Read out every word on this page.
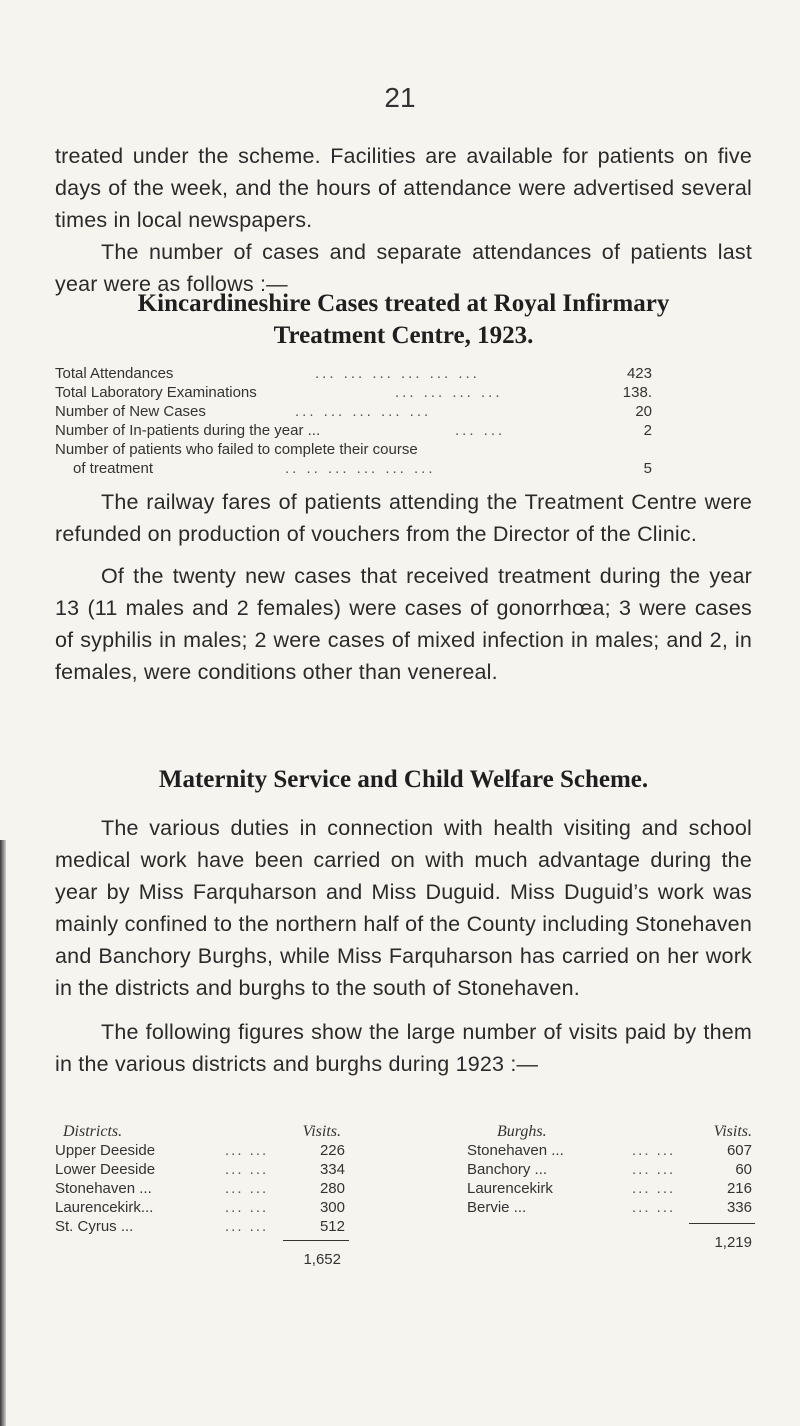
21

treated under the scheme. Facilities are available for patients on five days of the week, and the hours of attendance were advertised several times in local newspapers.

The number of cases and separate attendances of patients last year were as follows :—

Kincardineshire Cases treated at Royal Infirmary
Treatment Centre, 1923.
Total Attendances	... ... ... ... ... ...	423
Total Laboratory Examinations	... ... ... ...	138.
Number of New Cases	... ... ... ... ...	20
Number of In-patients during the year ...	... ...	2
Number of patients who failed to complete their course
of treatment	.. .. ... ... ... ...	5

The railway fares of patients attending the Treatment Centre were refunded on production of vouchers from the Director of the Clinic.

Of the twenty new cases that received treatment during the year 13 (11 males and 2 females) were cases of gonorrhœa; 3 were cases of syphilis in males; 2 were cases of mixed infection in males; and 2, in females, were conditions other than venereal.

Maternity Service and Child Welfare Scheme.

The various duties in connection with health visiting and school medical work have been carried on with much advantage during the year by Miss Farquharson and Miss Duguid. Miss Duguid’s work was mainly confined to the northern half of the County including Stonehaven and Banchory Burghs, while Miss Farquharson has carried on her work in the districts and burghs to the south of Stonehaven.

The following figures show the large number of visits paid by them in the various districts and burghs during 1923 :—

Districts.	Visits.
Upper Deeside	... ...	226
Lower Deeside	... ...	334
Stonehaven ...	... ...	280
Laurencekirk...	... ...	300
St. Cyrus ...	... ...	512
1,652
Burghs.	Visits.
Stonehaven ...	... ...	607
Banchory ...	... ...	60
Laurencekirk	... ...	216
Bervie ...	... ...	336
1,219
